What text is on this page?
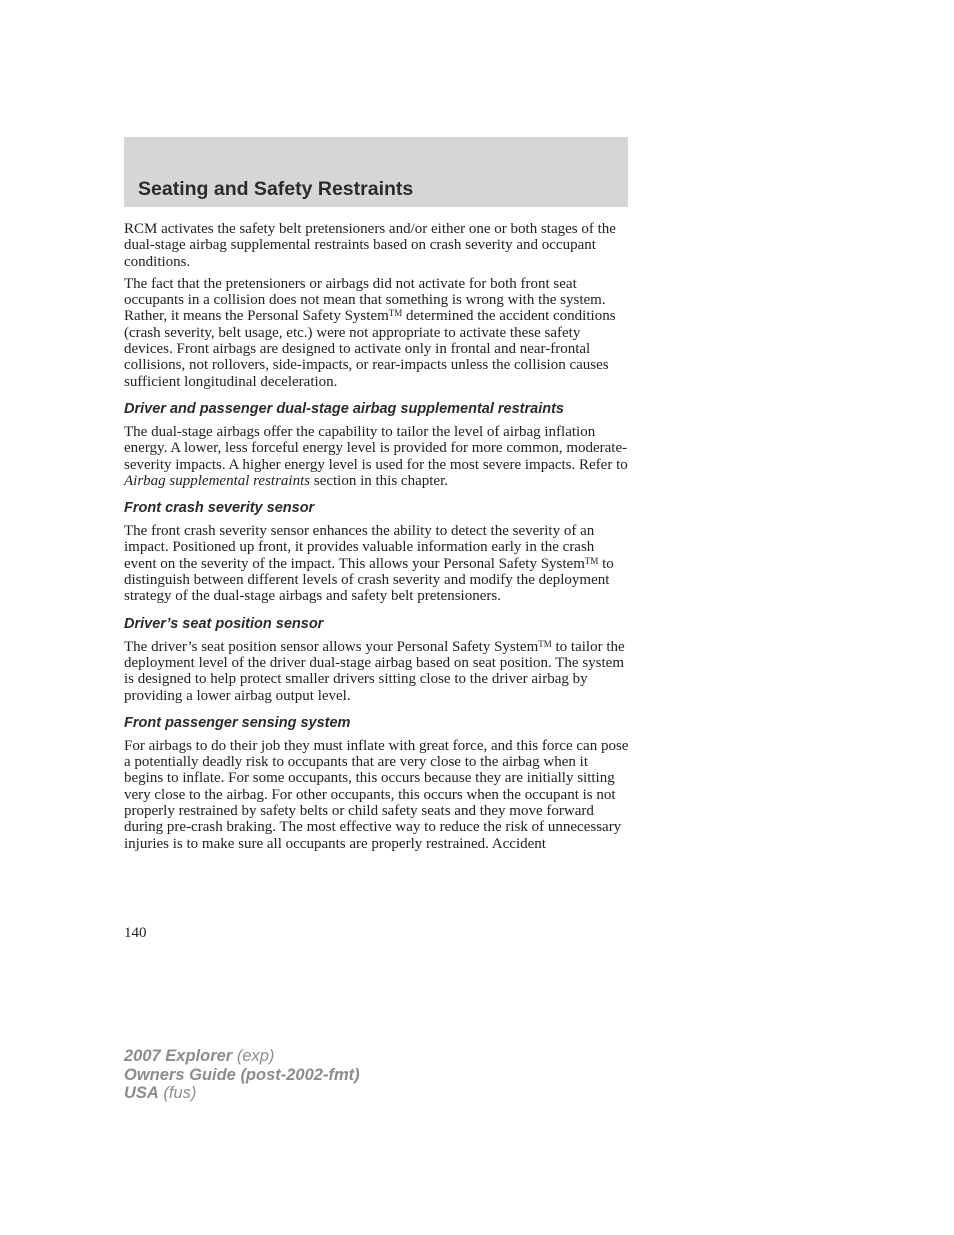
Seating and Safety Restraints

RCM activates the safety belt pretensioners and/or either one or both stages of the dual-stage airbag supplemental restraints based on crash severity and occupant conditions.

The fact that the pretensioners or airbags did not activate for both front seat occupants in a collision does not mean that something is wrong with the system. Rather, it means the Personal Safety System™ determined the accident conditions (crash severity, belt usage, etc.) were not appropriate to activate these safety devices. Front airbags are designed to activate only in frontal and near-frontal collisions, not rollovers, side-impacts, or rear-impacts unless the collision causes sufficient longitudinal deceleration.

Driver and passenger dual-stage airbag supplemental restraints

The dual-stage airbags offer the capability to tailor the level of airbag inflation energy. A lower, less forceful energy level is provided for more common, moderate-severity impacts. A higher energy level is used for the most severe impacts. Refer to Airbag supplemental restraints section in this chapter.

Front crash severity sensor

The front crash severity sensor enhances the ability to detect the severity of an impact. Positioned up front, it provides valuable information early in the crash event on the severity of the impact. This allows your Personal Safety System™ to distinguish between different levels of crash severity and modify the deployment strategy of the dual-stage airbags and safety belt pretensioners.

Driver’s seat position sensor

The driver’s seat position sensor allows your Personal Safety System™ to tailor the deployment level of the driver dual-stage airbag based on seat position. The system is designed to help protect smaller drivers sitting close to the driver airbag by providing a lower airbag output level.

Front passenger sensing system

For airbags to do their job they must inflate with great force, and this force can pose a potentially deadly risk to occupants that are very close to the airbag when it begins to inflate. For some occupants, this occurs because they are initially sitting very close to the airbag. For other occupants, this occurs when the occupant is not properly restrained by safety belts or child safety seats and they move forward during pre-crash braking. The most effective way to reduce the risk of unnecessary injuries is to make sure all occupants are properly restrained. Accident

140
2007 Explorer (exp)
Owners Guide (post-2002-fmt)
USA (fus)
